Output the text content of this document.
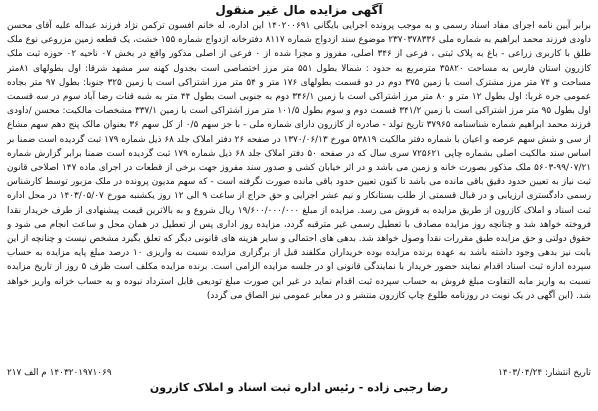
آگهی مزایده مال غیر منقول

برابر آیین نامه اجرای مفاد اسناد رسمی و به موجب پرونده اجرایی بایگانی ۱۴۰۲۰۰۶۹۱ این اداره، له خانم افسون ترکمن نژاد فرزند عبداله علیه آقای محسن داودی فرزند محمد ابراهیم به شماره ملی ۲۳۷۰۳۷۸۳۳۶ موضوع سند ازدواج شماره ۸۱۱۷ دفترخانه ازدواج شماره ۱۵۵ خشت، یک قطعه زمین مزروعی نوع ملک طلق با کاربری زراعی - باغ به پلاک ثبتی ، فرعی از ۳۴۶ اصلی، مفروز و مجزا شده از ۰ فرعی از اصلی مذکور واقع در بخش ۰۷ ناحیه ۰۲ حوزه ثبت ملک کازرون استان فارس به مساحت ۳۵۸۲۰ مترمربع به حدود : شمالا بطول ۵۵۱ متر مرز اختصاصی است بجدول کهنه سر مشهد شرقا: اول بطولهای ۸۱متر مساحت و ۷۴ متر مرز مشترک است با زمین ۳۷۵ دوم در دو قسمت بطولهای ۱۷۶ متر و ۵۴ متر مرز اشتراکی است با زمین ۳۲۵ جنوبا: بطول ۹۷ متر بجاده عمومی جره غربا: اول بطول ۱۲ متر و ۸۰ متر مرز اشتراکی است با زمین ۳۴۶/۱ دوم به جنوبی است بطول ۴۴ متر به شبه قنات رضا آباد سوم در سه قسمت اول بطول ۹۵ متر مرز اشتراکی است با زمین ۳۴۱/۲ قسمت دوم و سوم بطول ۱۰۱/۵ متر مرز اشتراکی است با زمین ۳۳۷/۱ مشخصات مالکیت: محسن /داودی فرزند محمد ابراهیم شماره شناسنامه ۳۷۹۶۵ تاریخ تولد - صادره از کازرون دارای شماره ملی - با جز سهم ۰/۵ از کل سهم ۳۶ بعنوان مالک پنج دهم سهم مشاع از سی و شش سهم عرصه و اعیان با شماره دفتر مالکیت ۵۳۸۱۹ مورخ ۱۳۷۰/۰۶/۱۳ در صفحه ۲۶ دفتر املاک جلد ۶۸ ذیل شماره ۱۷۹ ثبت گردیده است ضمنا بر اساس سند مالکیت اصلی بشماره چاپی ۷۲۵۶۲۱ سری سال که در صفحه ۵۰ دفتر املاک جلد ۶۸ ذیل شماره ۱۷۹ ثبت گردیده است ضمنا برابر گزارش شماره ۹۹/۰۷/۲۱-۵۶۰۳ ملک مذکور بصورت خانه و زمین می باشد و در اثر خیابان کشی و صدور سند مفروز جهت برخی از قطعات در اجرای ماده ۱۴۷ اصلاحی قانون ثبت نیاز به تعیین حدود دقیق باقی مانده می باشد تا کنون تعیین حدود باقی مانده صورت نگرفته است - که سهم مدیون پرونده در ملک مزبور توسط کارشناس رسمی دادگستری ارزیابی و در قبال قسمتی از طلب بستانکار و نیم عشر اجرایی و حق حراج از ساعت ۹ الی ۱۲ روز یکشنبه مورخ ۱۴۰۳/۰۵/۰۷ در محل اداره ثبت اسناد و املاک کازرون از طریق مزایده به فروش می رسد. مزایده از مبلغ ۱۹/۶۰۰/۰۰۰/۰۰۰ ریال شروع و به بالاترین قیمت پیشنهادی از طرف خریدار نقدا فروخته خواهد شد و چنانچه روز مزایده مصادف با تعطیل رسمی غیر مترقبه گردد، مزایده روز اداری پس از تعطیل در همان محل و ساعت انجام می شود و حقوق دولتی و حق مزایده طبق مقررات نقدا وصول خواهد شد. بدهی های احتمالی و سایر هزینه های قانونی دیگر که تعلق بگیرد مشخص نیست و چنانچه از این بابت نیز بدهی وجود داشته باشد به عهده برنده مزایده بوده خریداران مکلفند قبل از برگزاری مزایده نسبت به واریزی ۱۰ درصد مبلغ پایه مزایده به حساب سپرده اداره ثبت اسناد اقدام نمایند حضور خریدار با نمایندگی قانونی او در جلسه مزایده الزامی است. برنده مزایده مکلف است ظرف ۵ روز از تاریخ مزایده نسبت به واریز مابه التفاوت مبلغ فروش به حساب سپرده ثبت اقدام نماید در غیر این صورت مبلغ تودیعی قابل استرداد نبوده و به حساب خزانه واریز خواهد شد. (این آگهی در یک نوبت در روزنامه طلوع چاپ کازرون منتشر و در معابر عمومی نیز الصاق می گردد)

تاریخ انتشار: ۱۴۰۳/۰۴/۲۴
۱۴۰۳۲۰۱۹۷۱۰۶۹ م الف ۲۱۷
رضا رجبی زاده - رئیس اداره ثبت اسناد و املاک کازرون
